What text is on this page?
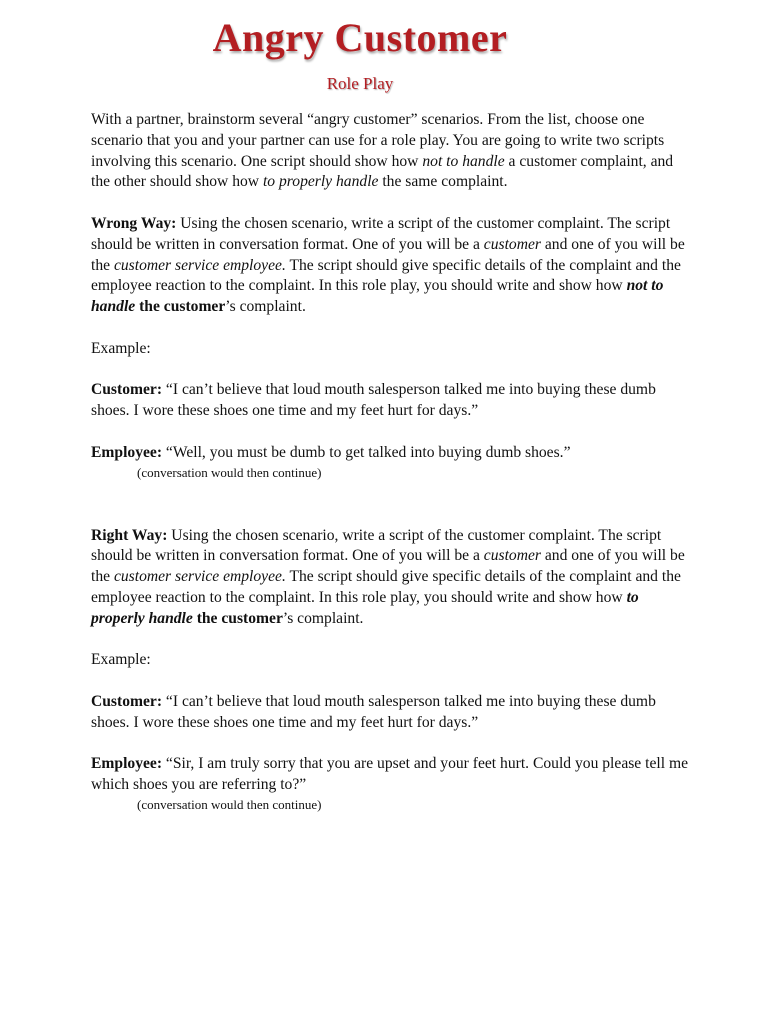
Angry Customer
Role Play

With a partner, brainstorm several “angry customer” scenarios. From the list, choose one scenario that you and your partner can use for a role play. You are going to write two scripts involving this scenario. One script should show how not to handle a customer complaint, and the other should show how to properly handle the same complaint.

Wrong Way: Using the chosen scenario, write a script of the customer complaint. The script should be written in conversation format. One of you will be a customer and one of you will be the customer service employee. The script should give specific details of the complaint and the employee reaction to the complaint. In this role play, you should write and show how not to handle the customer’s complaint.

Example:

Customer: “I can’t believe that loud mouth salesperson talked me into buying these dumb shoes. I wore these shoes one time and my feet hurt for days.”

Employee: “Well, you must be dumb to get talked into buying dumb shoes.”

(conversation would then continue)

Right Way: Using the chosen scenario, write a script of the customer complaint. The script should be written in conversation format. One of you will be a customer and one of you will be the customer service employee. The script should give specific details of the complaint and the employee reaction to the complaint. In this role play, you should write and show how to properly handle the customer’s complaint.

Example:

Customer: “I can’t believe that loud mouth salesperson talked me into buying these dumb shoes. I wore these shoes one time and my feet hurt for days.”

Employee: “Sir, I am truly sorry that you are upset and your feet hurt. Could you please tell me which shoes you are referring to?”

(conversation would then continue)
